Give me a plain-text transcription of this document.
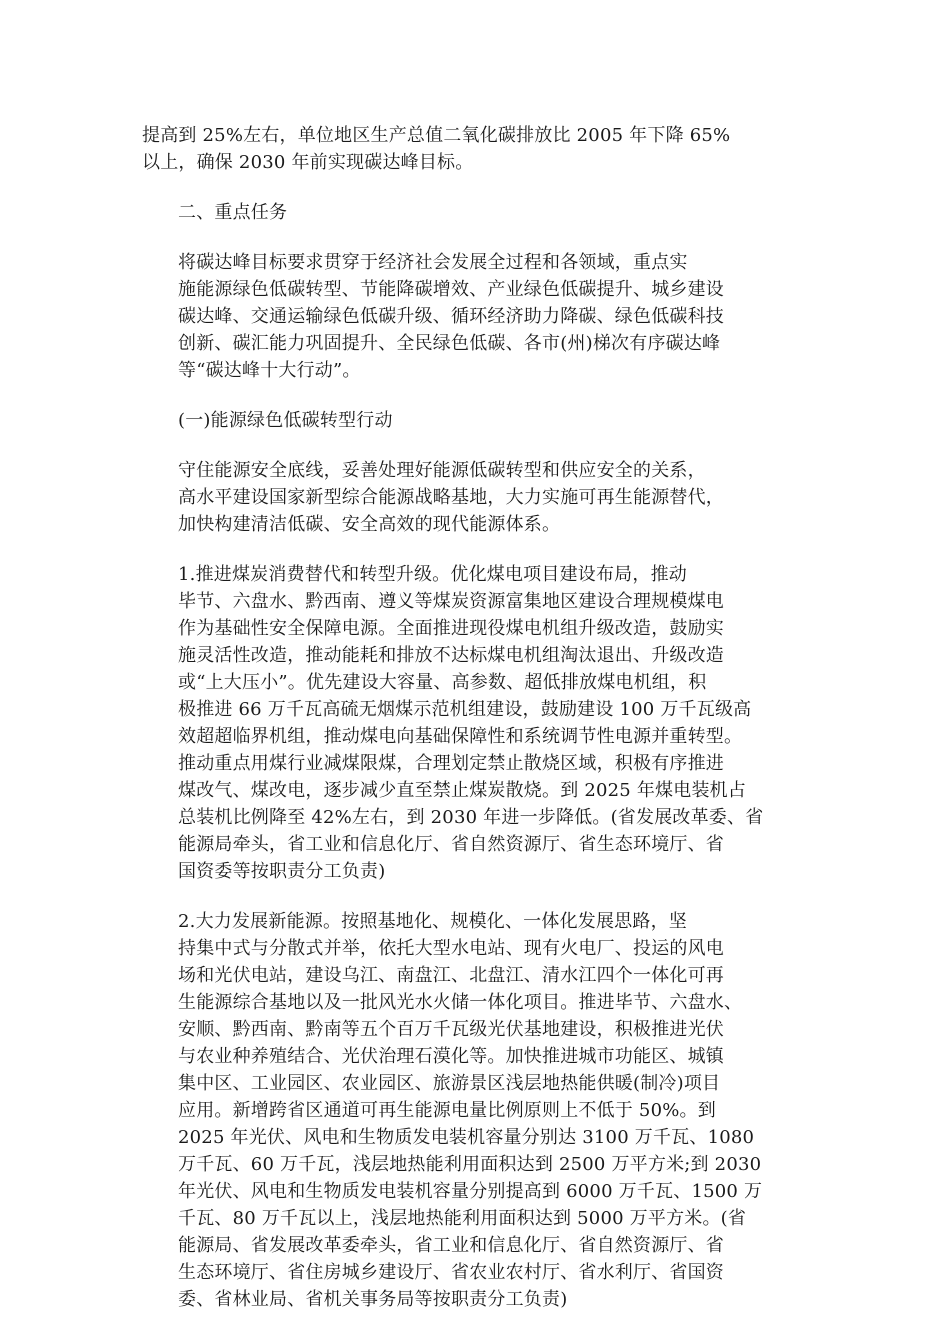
提高到 25%左右，单位地区生产总值二氧化碳排放比 2005 年下降 65%
以上，确保 2030 年前实现碳达峰目标。
二、重点任务
将碳达峰目标要求贯穿于经济社会发展全过程和各领域，重点实
施能源绿色低碳转型、节能降碳增效、产业绿色低碳提升、城乡建设
碳达峰、交通运输绿色低碳升级、循环经济助力降碳、绿色低碳科技
创新、碳汇能力巩固提升、全民绿色低碳、各市(州)梯次有序碳达峰
等“碳达峰十大行动”。
(一)能源绿色低碳转型行动
守住能源安全底线，妥善处理好能源低碳转型和供应安全的关系，
高水平建设国家新型综合能源战略基地，大力实施可再生能源替代，
加快构建清洁低碳、安全高效的现代能源体系。
1.推进煤炭消费替代和转型升级。优化煤电项目建设布局，推动
毕节、六盘水、黔西南、遵义等煤炭资源富集地区建设合理规模煤电
作为基础性安全保障电源。全面推进现役煤电机组升级改造，鼓励实
施灵活性改造，推动能耗和排放不达标煤电机组淘汰退出、升级改造
或“上大压小”。优先建设大容量、高参数、超低排放煤电机组，积
极推进 66 万千瓦高硫无烟煤示范机组建设，鼓励建设 100 万千瓦级高
效超超临界机组，推动煤电向基础保障性和系统调节性电源并重转型。
推动重点用煤行业减煤限煤，合理划定禁止散烧区域，积极有序推进
煤改气、煤改电，逐步减少直至禁止煤炭散烧。到 2025 年煤电装机占
总装机比例降至 42%左右，到 2030 年进一步降低。(省发展改革委、省
能源局牵头，省工业和信息化厅、省自然资源厅、省生态环境厅、省
国资委等按职责分工负责)
2.大力发展新能源。按照基地化、规模化、一体化发展思路，坚
持集中式与分散式并举，依托大型水电站、现有火电厂、投运的风电
场和光伏电站，建设乌江、南盘江、北盘江、清水江四个一体化可再
生能源综合基地以及一批风光水火储一体化项目。推进毕节、六盘水、
安顺、黔西南、黔南等五个百万千瓦级光伏基地建设，积极推进光伏
与农业种养殖结合、光伏治理石漠化等。加快推进城市功能区、城镇
集中区、工业园区、农业园区、旅游景区浅层地热能供暖(制冷)项目
应用。新增跨省区通道可再生能源电量比例原则上不低于 50%。到
2025 年光伏、风电和生物质发电装机容量分别达 3100 万千瓦、1080
万千瓦、60 万千瓦，浅层地热能利用面积达到 2500 万平方米;到 2030
年光伏、风电和生物质发电装机容量分别提高到 6000 万千瓦、1500 万
千瓦、80 万千瓦以上，浅层地热能利用面积达到 5000 万平方米。(省
能源局、省发展改革委牵头，省工业和信息化厅、省自然资源厅、省
生态环境厅、省住房城乡建设厅、省农业农村厅、省水利厅、省国资
委、省林业局、省机关事务局等按职责分工负责)
